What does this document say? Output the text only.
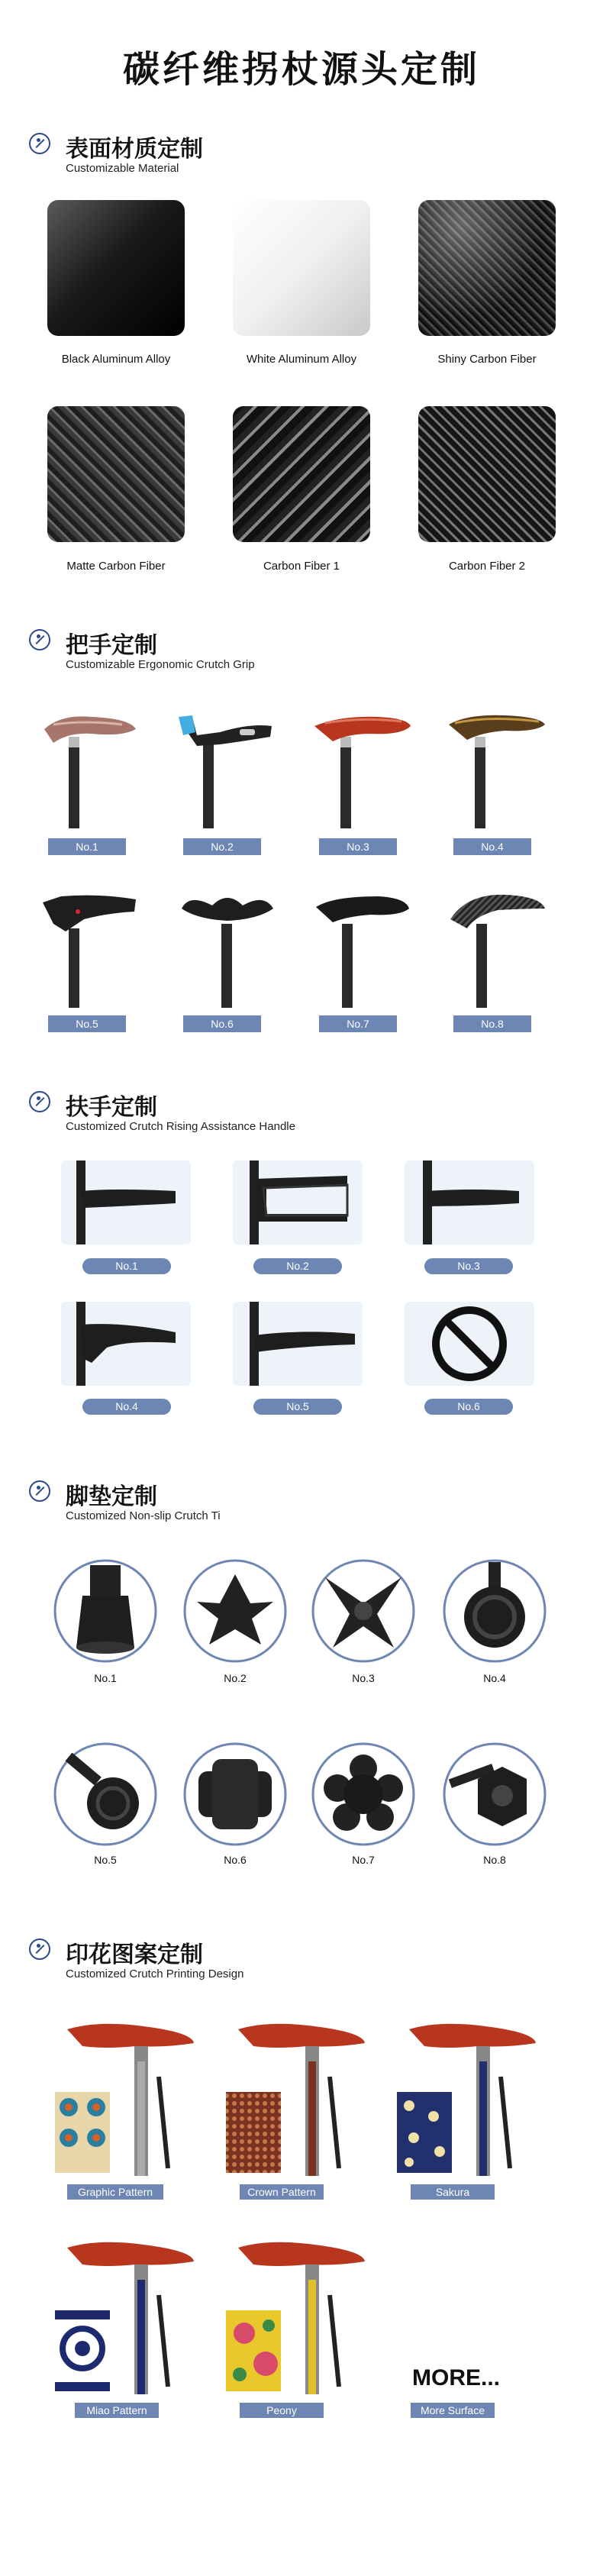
碳纤维拐杖源头定制
表面材质定制
Customizable Material
Black Aluminum Alloy	White Aluminum Alloy	Shiny Carbon Fiber
Matte Carbon Fiber	Carbon Fiber 1	Carbon Fiber 2
把手定制
Customizable Ergonomic Crutch Grip
No.1	No.2	No.3	No.4
No.5	No.6	No.7	No.8
扶手定制
Customized Crutch Rising Assistance Handle
No.1	No.2	No.3
No.4	No.5	No.6
脚垫定制
Customized Non-slip Crutch Ti
No.1	No.2	No.3	No.4
No.5	No.6	No.7	No.8
印花图案定制
Customized Crutch Printing Design
Graphic Pattern	Crown Pattern	Sakura
Miao Pattern	Peony
MORE...
More Surface
